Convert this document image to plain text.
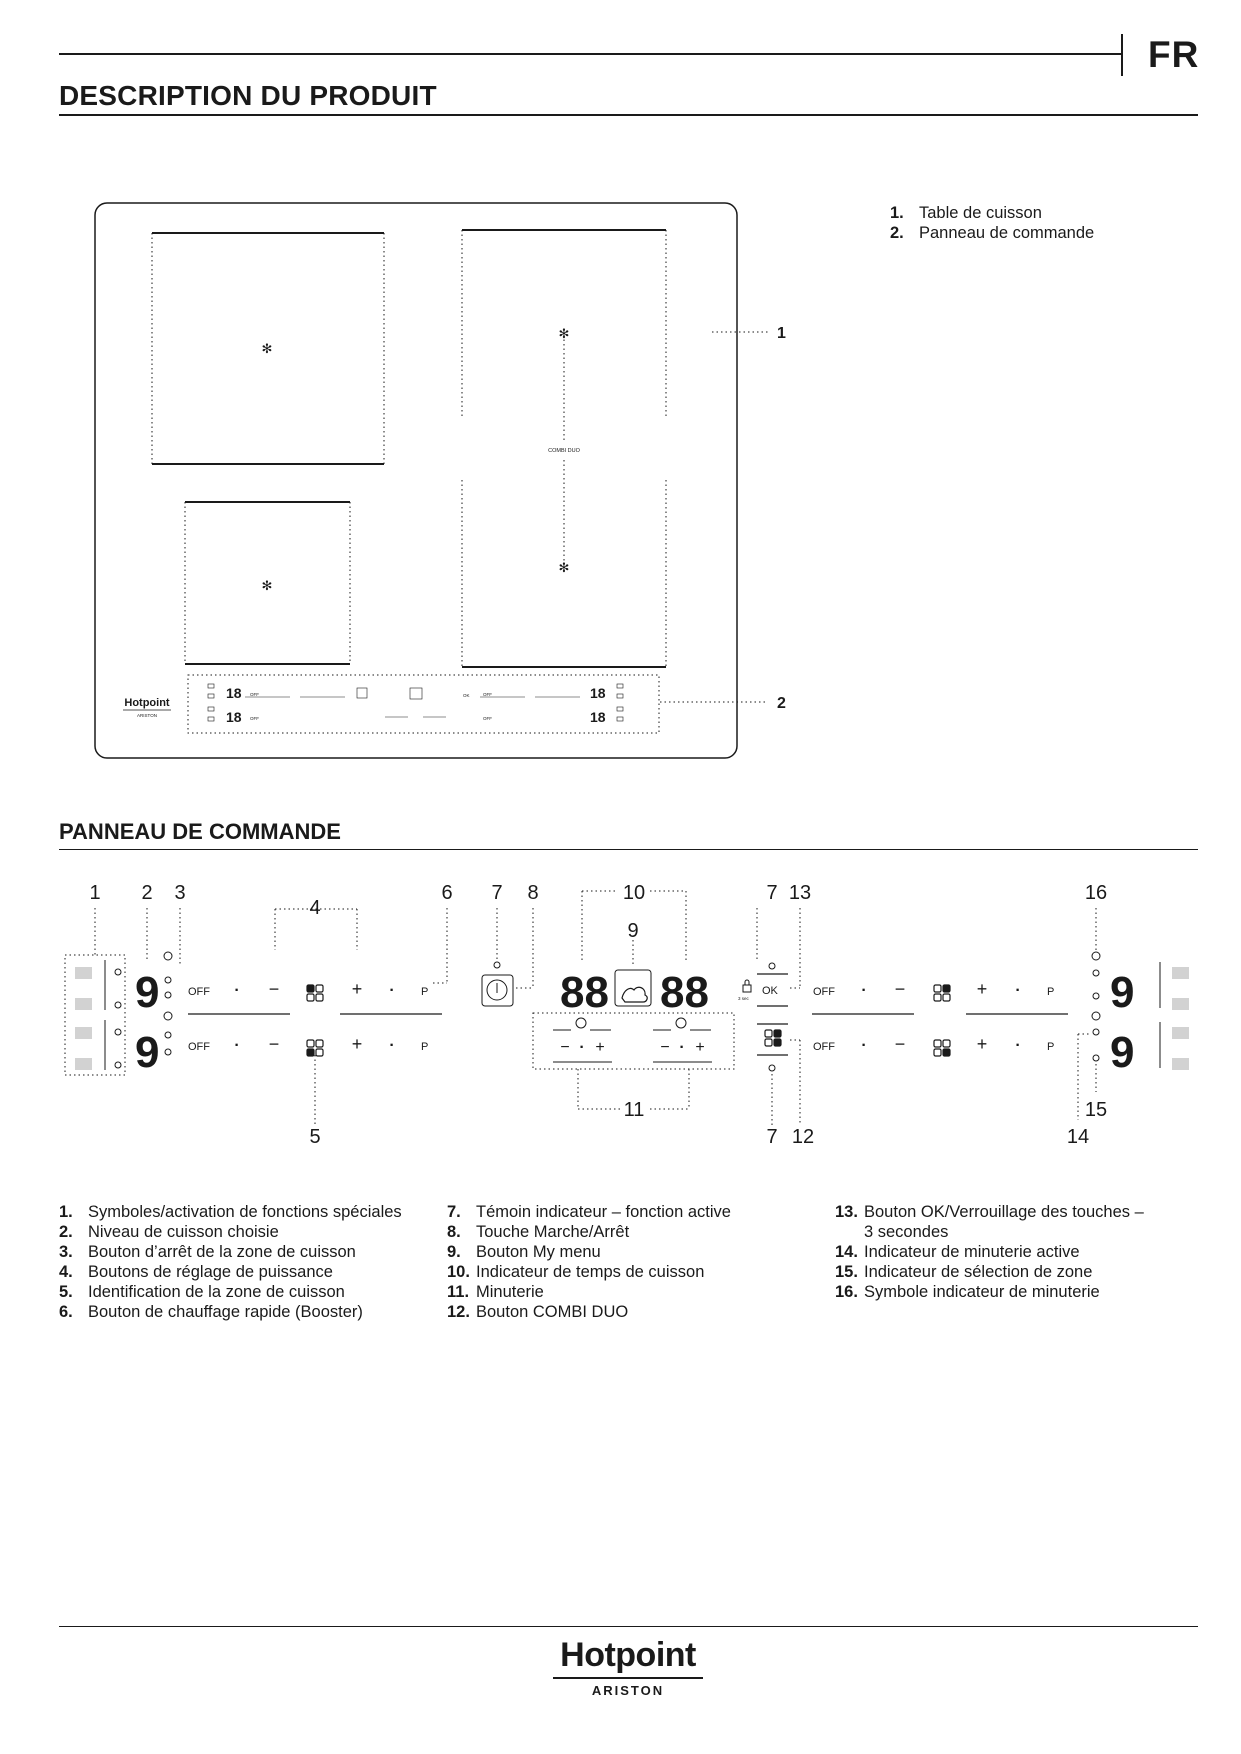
FR
DESCRIPTION DU PRODUIT
✻
✻
✻
✻
COMBI DUO
Hotpoint
ARISTON
18
18
18
18
OFF
OFF
OFF
OFF
OK
1
2
1. Table de cuisson
2. Panneau de commande
PANNEAU DE COMMANDE
9
9
9
9
88 88
OFF
OFF
OFF
OFF
P
P
P
P
OK
3 sec
−
−
+
+
−
−
+
+
− +	− +
·
·
·
·
·
·
·
·
·	·
1 2 3
4
5
6 7 8
9
10
11
7 13
7 12
16
15
14
1. Symboles/activation de fonctions spéciales
2. Niveau de cuisson choisie
3. Bouton d’arrêt de la zone de cuisson
4. Boutons de réglage de puissance
5. Identification de la zone de cuisson
6. Bouton de chauffage rapide (Booster)
7. Témoin indicateur – fonction active
8. Touche Marche/Arrêt
9. Bouton My menu
10. Indicateur de temps de cuisson
11. Minuterie
12. Bouton COMBI DUO
13. Bouton OK/Verrouillage des touches –
3 secondes
14. Indicateur de minuterie active
15. Indicateur de sélection de zone
16. Symbole indicateur de minuterie
Hotpoint
ARISTON
